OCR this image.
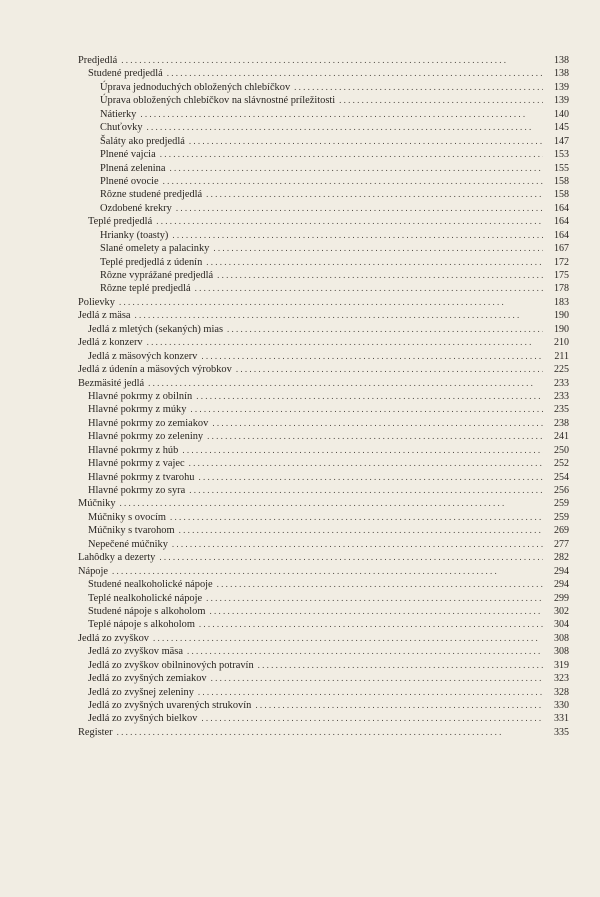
Predjedlá . . .	138
Studené predjedlá . . .	138
Úprava jednoduchých obložených chlebíčkov . . .	139
Úprava obložených chlebíčkov na slávnostné príležitosti . . .	139
Nátierky . . .	140
Chuťovky . . .	145
Šaláty ako predjedlá . . .	147
Plnené vajcia . . .	153
Plnená zelenina . . .	155
Plnené ovocie . . .	158
Rôzne studené predjedlá . . .	158
Ozdobené krekry . . .	164
Teplé predjedlá . . .	164
Hrianky (toasty) . . .	164
Slané omelety a palacinky . . .	167
Teplé predjedlá z údenín . . .	172
Rôzne vyprážané predjedlá . . .	175
Rôzne teplé predjedlá . . .	178
Polievky . . .	183
Jedlá z mäsa . . .	190
Jedlá z mletých (sekaných) mias . . .	190
Jedlá z konzerv . . .	210
Jedlá z mäsových konzerv . . .	211
Jedlá z údenín a mäsových výrobkov . . .	225
Bezmäsité jedlá . . .	233
Hlavné pokrmy z obilnín . . .	233
Hlavné pokrmy z múky . . .	235
Hlavné pokrmy zo zemiakov . . .	238
Hlavné pokrmy zo zeleniny . . .	241
Hlavné pokrmy z húb . . .	250
Hlavné pokrmy z vajec . . .	252
Hlavné pokrmy z tvarohu . . .	254
Hlavné pokrmy zo syra . . .	256
Múčniky . . .	259
Múčniky s ovocím . . .	259
Múčniky s tvarohom . . .	269
Nepečené múčniky . . .	277
Lahôdky a dezerty . . .	282
Nápoje . . .	294
Studené nealkoholické nápoje . . .	294
Teplé nealkoholické nápoje . . .	299
Studené nápoje s alkoholom . . .	302
Teplé nápoje s alkoholom . . .	304
Jedlá zo zvyškov . . .	308
Jedlá zo zvyškov mäsa . . .	308
Jedlá zo zvyškov obilninových potravín . . .	319
Jedlá zo zvyšných zemiakov . . .	323
Jedlá zo zvyšnej zeleniny . . .	328
Jedlá zo zvyšných uvarených strukovín . . .	330
Jedlá zo zvyšných bielkov . . .	331
Register . . .	335
